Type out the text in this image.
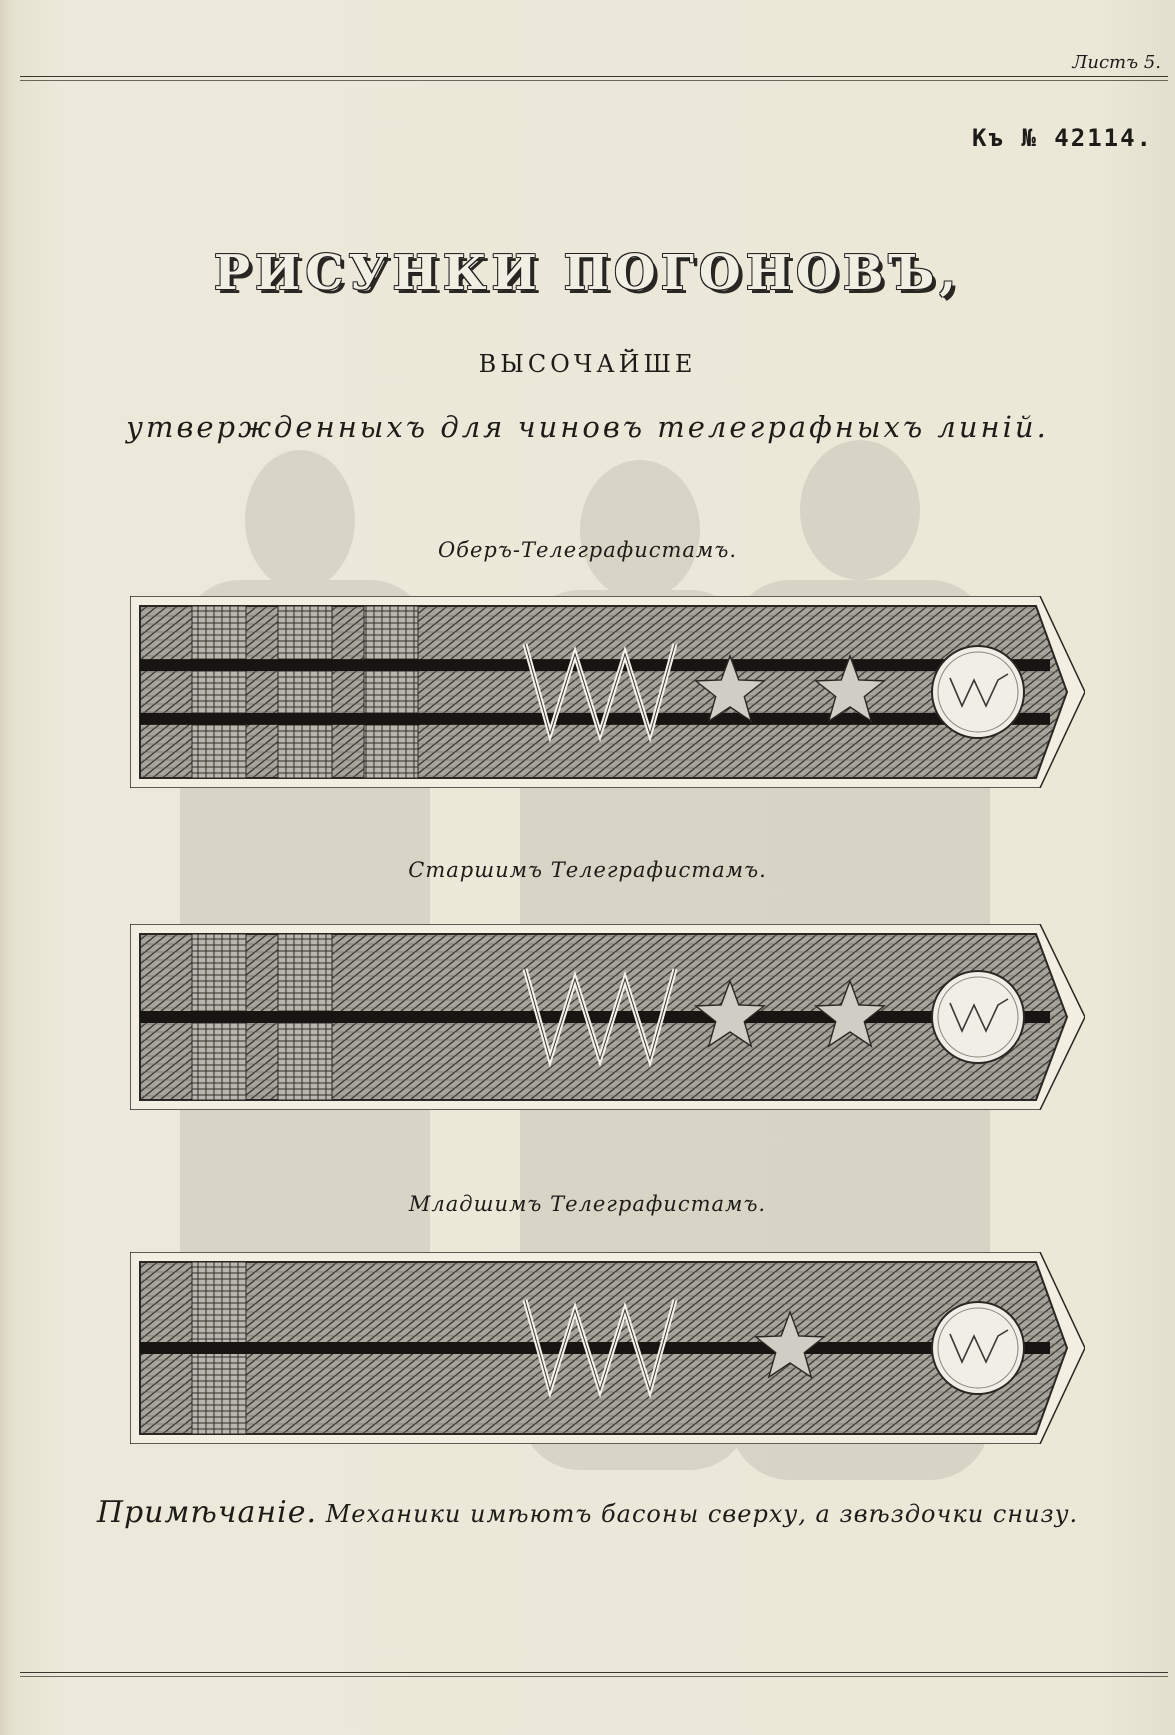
Листъ 5.
Къ № 42114.
РИСУНКИ ПОГОНОВЪ,
ВЫСОЧАЙШЕ
утвержденныхъ для чиновъ телеграфныхъ линiй.
Оберъ-Телеграфистамъ.
Старшимъ Телеграфистамъ.
Младшимъ Телеграфистамъ.
Примѣчанiе. Механики имѣютъ басоны сверху, а звѣздочки снизу.
